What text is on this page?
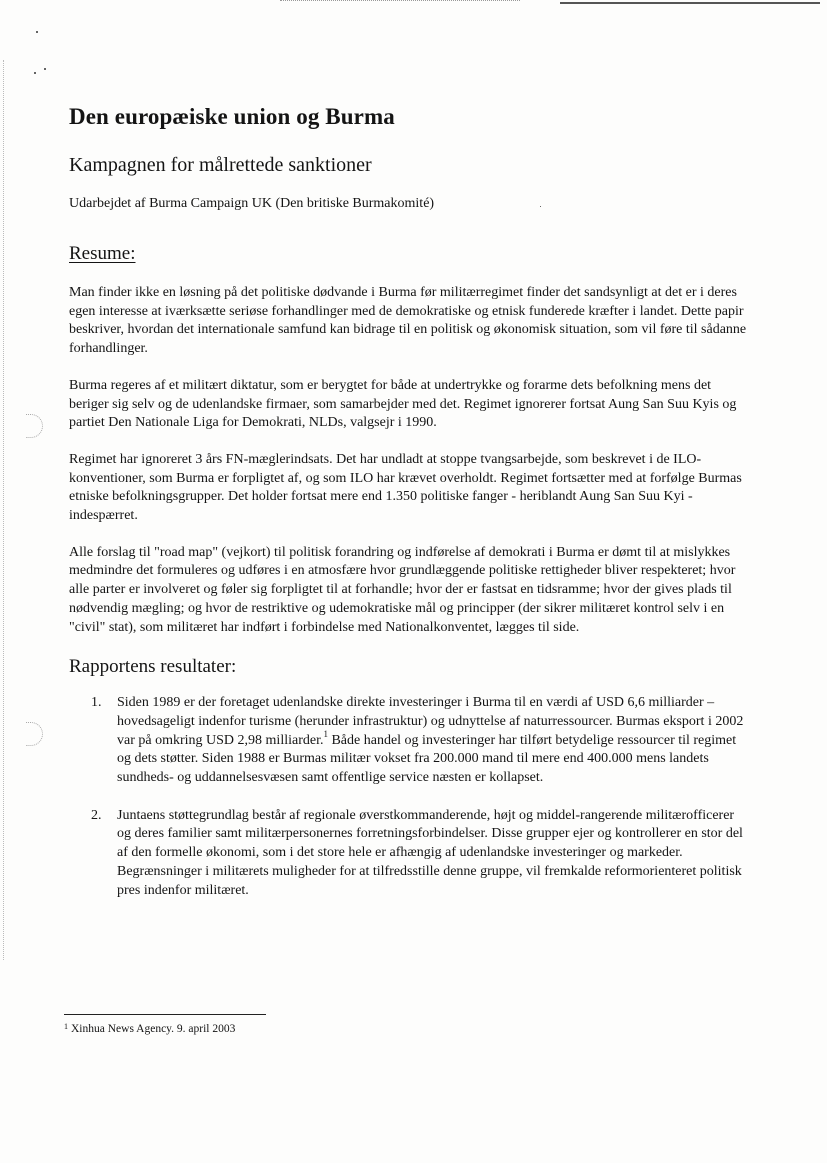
Den europæiske union og Burma
Kampagnen for målrettede sanktioner
Udarbejdet af Burma Campaign UK (Den britiske Burmakomité)
Resume:

Man finder ikke en løsning på det politiske dødvande i Burma før militærregimet finder det sandsynligt at det er i deres egen interesse at iværksætte seriøse forhandlinger med de demokratiske og etnisk funderede kræfter i landet. Dette papir beskriver, hvordan det internationale samfund kan bidrage til en politisk og økonomisk situation, som vil føre til sådanne forhandlinger.

Burma regeres af et militært diktatur, som er berygtet for både at undertrykke og forarme dets befolkning mens det beriger sig selv og de udenlandske firmaer, som samarbejder med det. Regimet ignorerer fortsat Aung San Suu Kyis og partiet Den Nationale Liga for Demokrati, NLDs, valgsejr i 1990.

Regimet har ignoreret 3 års FN-mæglerindsats. Det har undladt at stoppe tvangsarbejde, som beskrevet i de ILO-konventioner, som Burma er forpligtet af, og som ILO har krævet overholdt. Regimet fortsætter med at forfølge Burmas etniske befolkningsgrupper. Det holder fortsat mere end 1.350 politiske fanger - heriblandt Aung San Suu Kyi - indespærret.

Alle forslag til "road map" (vejkort) til politisk forandring og indførelse af demokrati i Burma er dømt til at mislykkes medmindre det formuleres og udføres i en atmosfære hvor grundlæggende politiske rettigheder bliver respekteret; hvor alle parter er involveret og føler sig forpligtet til at forhandle; hvor der er fastsat en tidsramme; hvor der gives plads til nødvendig mægling; og hvor de restriktive og udemokratiske mål og principper (der sikrer militæret kontrol selv i en "civil" stat), som militæret har indført i forbindelse med Nationalkonventet, lægges til side.

Rapportens resultater:
1. Siden 1989 er der foretaget udenlandske direkte investeringer i Burma til en værdi af USD 6,6 milliarder – hovedsageligt indenfor turisme (herunder infrastruktur) og udnyttelse af naturressourcer. Burmas eksport i 2002 var på omkring USD 2,98 milliarder.$^1$ Både handel og investeringer har tilført betydelige ressourcer til regimet og dets støtter. Siden 1988 er Burmas militær vokset fra 200.000 mand til mere end 400.000 mens landets sundheds- og uddannelsesvæsen samt offentlige service næsten er kollapset.
2. Juntaens støttegrundlag består af regionale øverstkommanderende, højt og middel-rangerende militærofficerer og deres familier samt militærpersonernes forretningsforbindelser. Disse grupper ejer og kontrollerer en stor del af den formelle økonomi, som i det store hele er afhængig af udenlandske investeringer og markeder. Begrænsninger i militærets muligheder for at tilfredsstille denne gruppe, vil fremkalde reformorienteret politisk pres indenfor militæret.
$^1$ Xinhua News Agency. 9. april 2003
